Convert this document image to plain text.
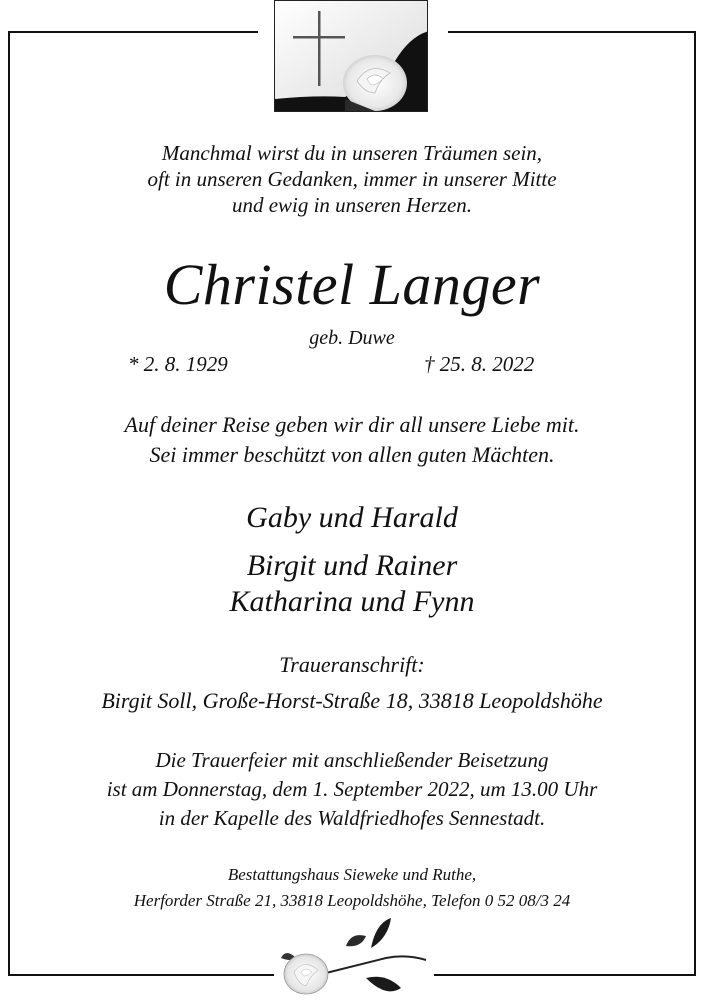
Manchmal wirst du in unseren Träumen sein,
oft in unseren Gedanken, immer in unserer Mitte
und ewig in unseren Herzen.
Christel Langer
geb. Duwe
* 2. 8. 1929	† 25. 8. 2022
Auf deiner Reise geben wir dir all unsere Liebe mit.
Sei immer beschützt von allen guten Mächten.
Gaby und Harald
Birgit und Rainer
Katharina und Fynn
Traueranschrift:
Birgit Soll, Große-Horst-Straße 18, 33818 Leopoldshöhe
Die Trauerfeier mit anschließender Beisetzung
ist am Donnerstag, dem 1. September 2022, um 13.00 Uhr
in der Kapelle des Waldfriedhofes Sennestadt.
Bestattungshaus Sieweke und Ruthe,
Herforder Straße 21, 33818 Leopoldshöhe, Telefon 0 52 08/3 24
